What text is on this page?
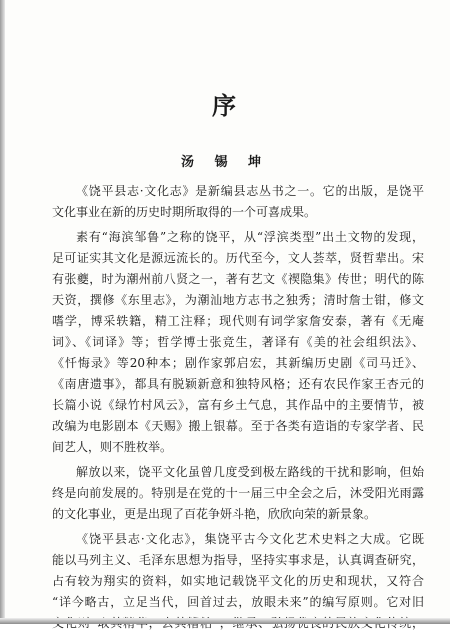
序
汤 锡 坤
《饶平县志·文化志》是新编县志丛书之一。它的出版，是饶平
文化事业在新的历史时期所取得的一个可喜成果。
素有“海滨邹鲁”之称的饶平，从“浮滨类型”出土文物的发现，
足可证实其文化是源远流长的。历代至今，文人荟萃，贤哲辈出。宋
有张夔，时为潮州前八贤之一，著有艺文《禊隐集》传世；明代的陈
天资，撰修《东里志》，为潮汕地方志书之独秀；清时詹士钳，修文
嗜学，博采轶籍，精工注释；现代则有词学家詹安泰，著有《无庵
词》、《词译》等；哲学博士张竞生，著译有《美的社会组织法》、
《忏悔录》等20种本；剧作家郭启宏，其新编历史剧《司马迁》、
《南唐遗事》，都具有脱颖新意和独特风格；还有农民作家王杏元的
长篇小说《绿竹村风云》，富有乡土气息，其作品中的主要情节，被
改编为电影剧本《天赐》搬上银幕。至于各类有造诣的专家学者、民
间艺人，则不胜枚举。
解放以来，饶平文化虽曾几度受到极左路线的干扰和影响，但始
终是向前发展的。特别是在党的十一届三中全会之后，沐受阳光雨露
的文化事业，更是出现了百花争妍斗艳，欣欣向荣的新景象。
《饶平县志·文化志》，集饶平古今文化艺术史料之大成。它既
能以马列主义、毛泽东思想为指导，坚持实事求是，认真调查研究，
占有较为翔实的资料，如实地记载饶平文化的历史和现状，又符合
“详今略古，立足当代，回首过去，放眼未来”的编写原则。它对旧
